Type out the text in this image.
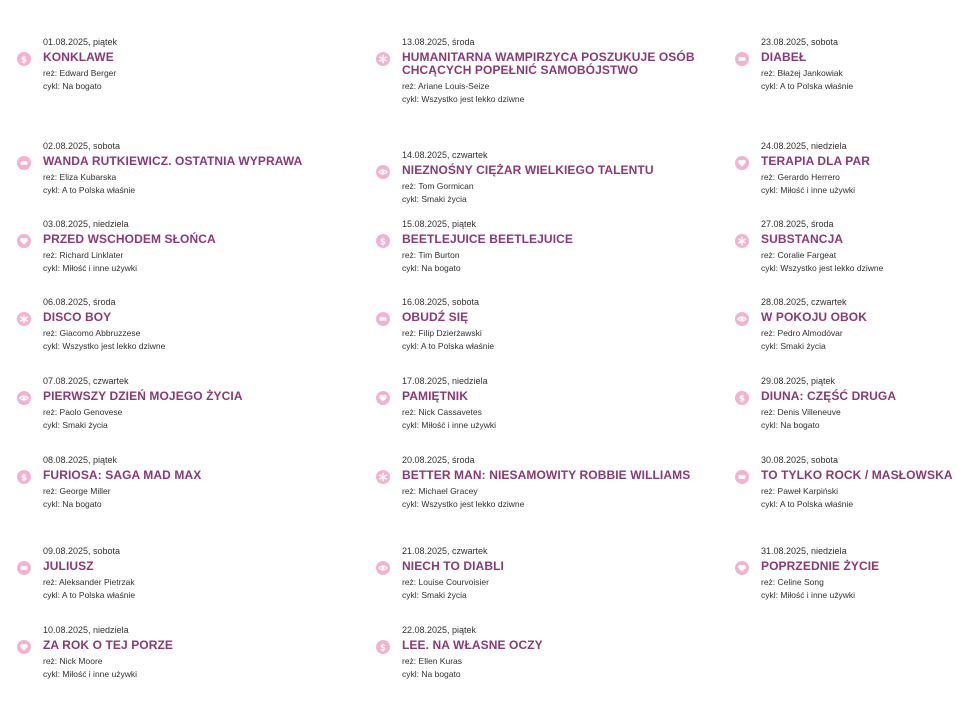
$
01.08.2025, piątek
KONKLAWE
reż: Edward Berger
cykl: Na bogato
02.08.2025, sobota
WANDA RUTKIEWICZ. OSTATNIA WYPRAWA
reż: Eliza Kubarska
cykl: A to Polska właśnie
03.08.2025, niedziela
PRZED WSCHODEM SŁOŃCA
reż: Richard Linklater
cykl: Miłość i inne używki
06.08.2025, środa
DISCO BOY
reż: Giacomo Abbruzzese
cykl: Wszystko jest lekko dziwne
07.08.2025, czwartek
PIERWSZY DZIEŃ MOJEGO ŻYCIA
reż: Paolo Genovese
cykl: Smaki życia
$
08.08.2025, piątek
FURIOSA: SAGA MAD MAX
reż: George Miller
cykl: Na bogato
09.08.2025, sobota
JULIUSZ
reż: Aleksander Pietrzak
cykl: A to Polska właśnie
10.08.2025, niedziela
ZA ROK O TEJ PORZE
reż: Nick Moore
cykl: Miłość i inne używki
13.08.2025, środa
HUMANITARNA WAMPIRZYCA POSZUKUJE OSÓB CHCĄCYCH POPEŁNIĆ SAMOBÓJSTWO
reż: Ariane Louis-Seize
cykl: Wszystko jest lekko dziwne
14.08.2025, czwartek
NIEZNOŚNY CIĘŻAR WIELKIEGO TALENTU
reż: Tom Gormican
cykl: Smaki życia
$
15.08.2025, piątek
BEETLEJUICE BEETLEJUICE
reż: Tim Burton
cykl: Na bogato
16.08.2025, sobota
OBUDŹ SIĘ
reż: Filip Dzierżawski
cykl: A to Polska właśnie
17.08.2025, niedziela
PAMIĘTNIK
reż: Nick Cassavetes
cykl: Miłość i inne używki
20.08.2025, środa
BETTER MAN: NIESAMOWITY ROBBIE WILLIAMS
reż: Michael Gracey
cykl: Wszystko jest lekko dziwne
21.08.2025, czwartek
NIECH TO DIABLI
reż: Louise Courvoisier
cykl: Smaki życia
$
22.08.2025, piątek
LEE. NA WŁASNE OCZY
reż: Ellen Kuras
cykl: Na bogato
23.08.2025, sobota
DIABEŁ
reż: Błażej Jankowiak
cykl: A to Polska właśnie
24.08.2025, niedziela
TERAPIA DLA PAR
reż: Gerardo Herrero
cykl: Miłość i inne używki
27.08.2025, środa
SUBSTANCJA
reż: Coralie Fargeat
cykl: Wszystko jest lekko dziwne
28.08.2025, czwartek
W POKOJU OBOK
reż: Pedro Almodóvar
cykl: Smaki życia
$
29.08.2025, piątek
DIUNA: CZĘŚĆ DRUGA
reż: Denis Villeneuve
cykl: Na bogato
30.08.2025, sobota
TO TYLKO ROCK / MASŁOWSKA
reż: Paweł Karpiński
cykl: A to Polska właśnie
31.08.2025, niedziela
POPRZEDNIE ŻYCIE
reż: Celine Song
cykl: Miłość i inne używki
